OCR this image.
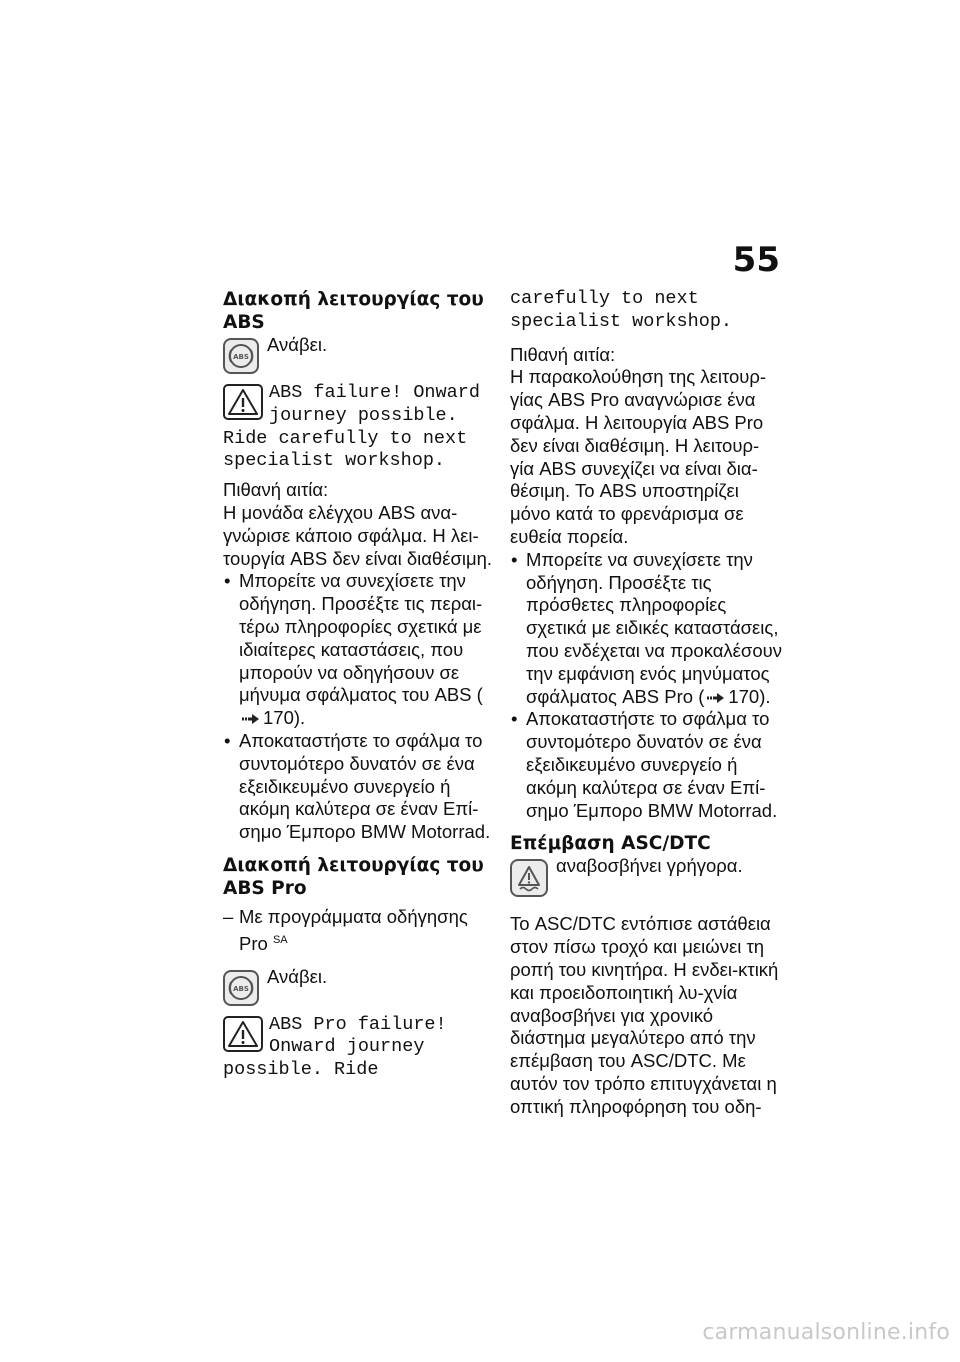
55

Διακοπή λειτουργίας του ABS

ABS

Ανάβει.

ABS failure! Onward journey possible. Ride carefully to next specialist workshop.

Πιθανή αιτία:

Η μονάδα ελέγχου ABS ανα-γνώρισε κάποιο σφάλμα. Η λει-τουργία ABS δεν είναι διαθέσιμη.

• Μπορείτε να συνεχίσετε την οδήγηση. Προσέξτε τις περαι-τέρω πληροφορίες σχετικά με ιδιαίτερες καταστάσεις, που μπορούν να οδηγήσουν σε μήνυμα σφάλματος του ABS (170).
• Αποκαταστήστε το σφάλμα το συντομότερο δυνατόν σε ένα εξειδικευμένο συνεργείο ή ακόμη καλύτερα σε έναν Επί-σημο Έμπορο BMW Motorrad.

Διακοπή λειτουργίας του ABS Pro

– Με προγράμματα οδήγησης Pro $^{SA}$
ABS

Ανάβει.

ABS Pro failure! Onward journey possible. Ride

carefully to next specialist workshop.

Πιθανή αιτία:

Η παρακολούθηση της λειτουρ-γίας ABS Pro αναγνώρισε ένα σφάλμα. Η λειτουργία ABS Pro δεν είναι διαθέσιμη. Η λειτουρ-γία ABS συνεχίζει να είναι δια-θέσιμη. Το ABS υποστηρίζει μόνο κατά το φρενάρισμα σε ευθεία πορεία.

• Μπορείτε να συνεχίσετε την οδήγηση. Προσέξτε τις πρόσθετες πληροφορίες σχετικά με ειδικές καταστάσεις, που ενδέχεται να προκαλέσουν την εμφάνιση ενός μηνύματος σφάλματος ABS Pro ( 170).
• Αποκαταστήστε το σφάλμα το συντομότερο δυνατόν σε ένα εξειδικευμένο συνεργείο ή ακόμη καλύτερα σε έναν Επί-σημο Έμπορο BMW Motorrad.

Επέμβαση ASC/DTC

αναβοσβήνει γρήγορα.

Το ASC/DTC εντόπισε αστάθεια στον πίσω τροχό και μειώνει τη ροπή του κινητήρα. Η ενδει-κτική και προειδοποιητική λυ-χνία αναβοσβήνει για χρονικό διάστημα μεγαλύτερο από την επέμβαση του ASC/DTC. Με αυτόν τον τρόπο επιτυγχάνεται η οπτική πληροφόρηση του οδη-

carmanualsonline.info
